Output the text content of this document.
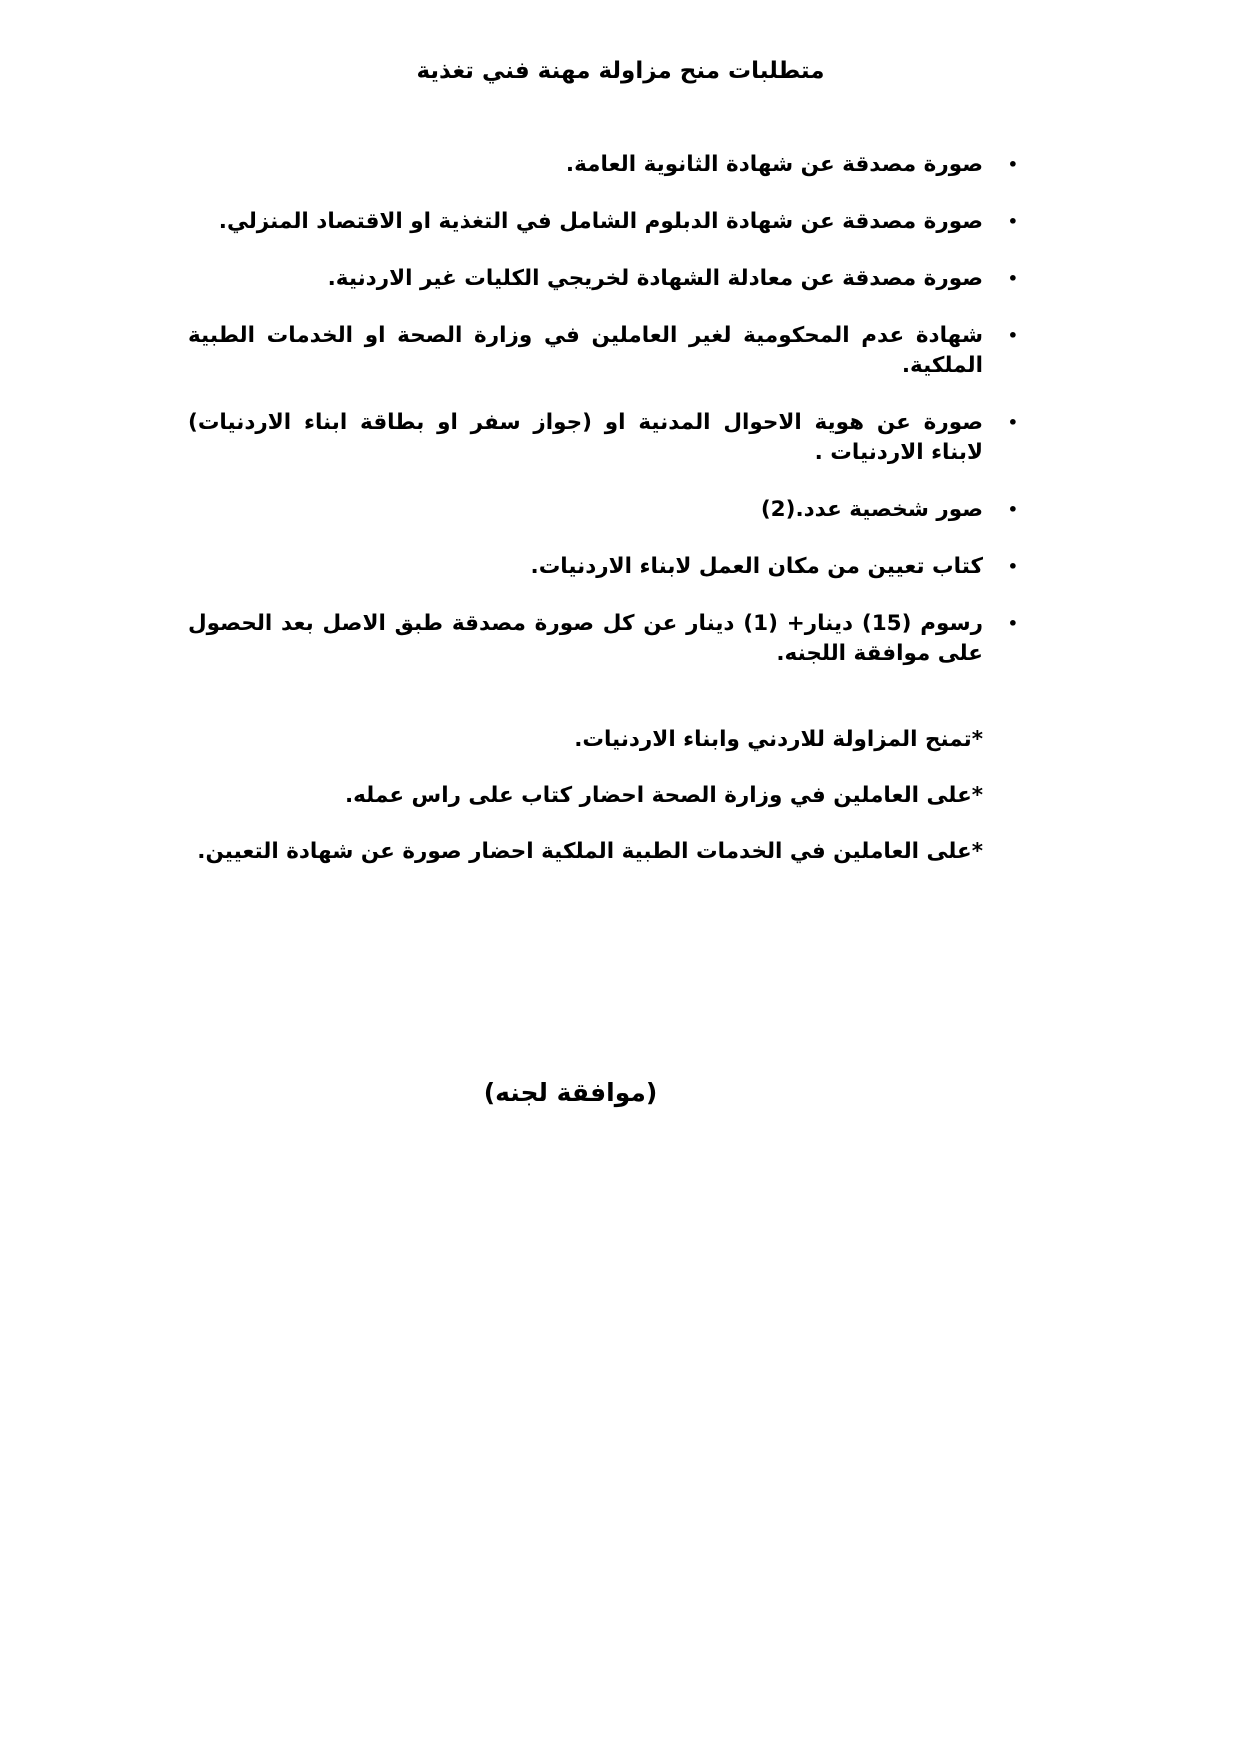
متطلبات منح مزاولة مهنة فني تغذية
•
صورة مصدقة عن شهادة الثانوية العامة.
•
صورة مصدقة عن شهادة الدبلوم الشامل في التغذية او الاقتصاد المنزلي.
•
صورة مصدقة عن معادلة الشهادة لخريجي الكليات غير الاردنية.
•
شهادة عدم المحكومية لغير العاملين في وزارة الصحة او الخدمات الطبية الملكية.
•
صورة عن هوية الاحوال المدنية او (جواز سفر او بطاقة ابناء الاردنيات) لابناء الاردنيات .
•
صور شخصية عدد.(2)
•
كتاب تعيين من مكان العمل لابناء الاردنيات.
•
رسوم (15) دينار+ (1) دينار عن كل صورة مصدقة طبق الاصل بعد الحصول على موافقة اللجنه.
*تمنح المزاولة للاردني وابناء الاردنيات.
*على العاملين في وزارة الصحة احضار كتاب على راس عمله.
*على العاملين في الخدمات الطبية الملكية احضار صورة عن شهادة التعيين.
(موافقة لجنه)
